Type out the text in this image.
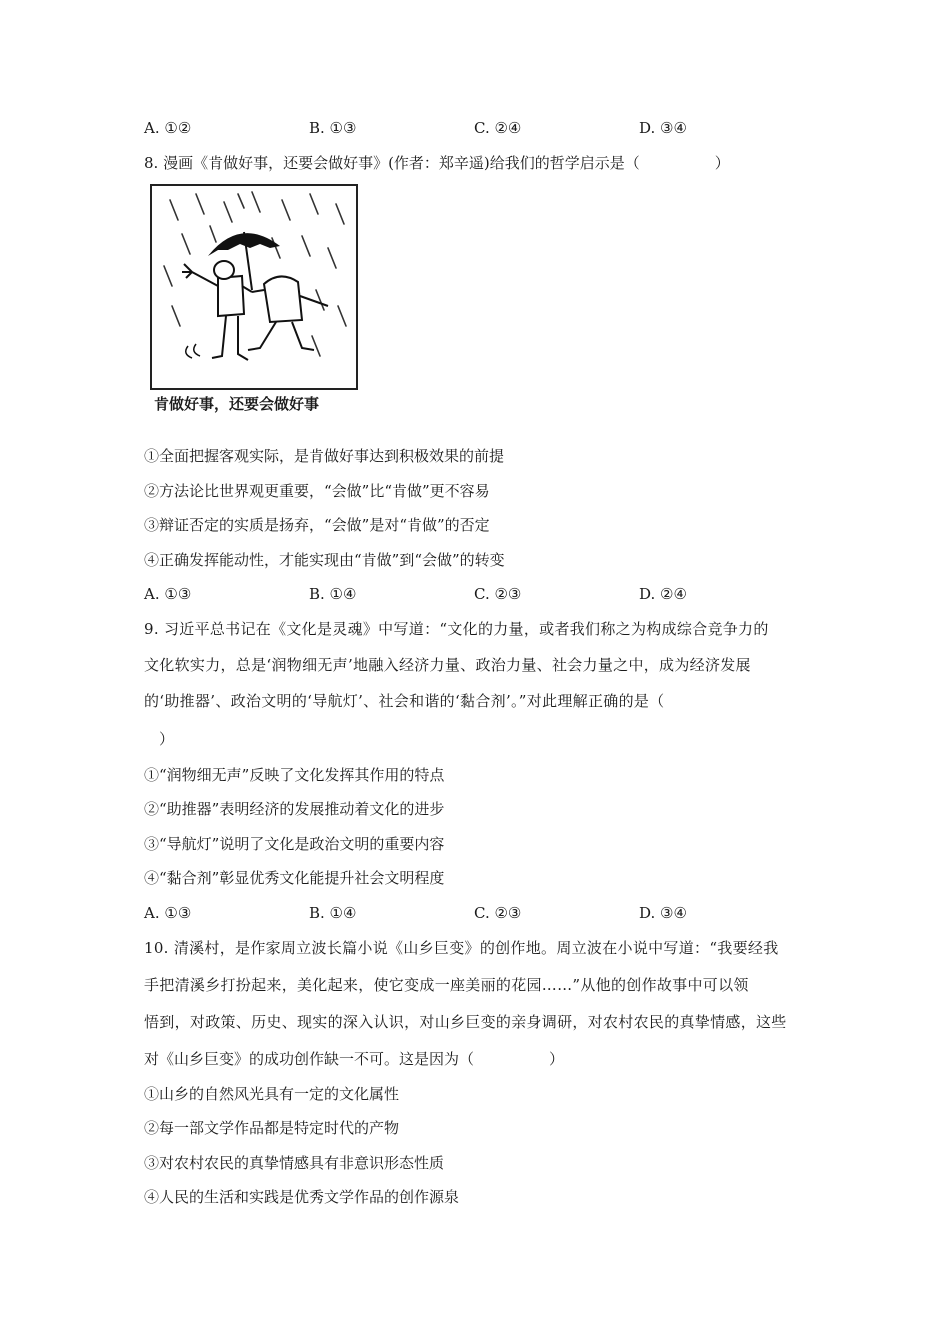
A. ①②	B. ①③	C. ②④	D. ③④
8. 漫画《肯做好事，还要会做好事》(作者：郑辛遥)给我们的哲学启示是（　　　　　）
肯做好事，还要会做好事
①全面把握客观实际，是肯做好事达到积极效果的前提
②方法论比世界观更重要，“会做”比“肯做”更不容易
③辩证否定的实质是扬弃，“会做”是对“肯做”的否定
④正确发挥能动性，才能实现由“肯做”到“会做”的转变
A. ①③	B. ①④	C. ②③	D. ②④
9. 习近平总书记在《文化是灵魂》中写道：“文化的力量，或者我们称之为构成综合竞争力的
文化软实力，总是‘润物细无声’地融入经济力量、政治力量、社会力量之中，成为经济发展
的‘助推器’、政治文明的‘导航灯’、社会和谐的‘黏合剂’。”对此理解正确的是（
　）
①“润物细无声”反映了文化发挥其作用的特点
②“助推器”表明经济的发展推动着文化的进步
③“导航灯”说明了文化是政治文明的重要内容
④“黏合剂”彰显优秀文化能提升社会文明程度
A. ①③	B. ①④	C. ②③	D. ③④
10. 清溪村，是作家周立波长篇小说《山乡巨变》的创作地。周立波在小说中写道：“我要经我
手把清溪乡打扮起来，美化起来，使它变成一座美丽的花园……”从他的创作故事中可以领
悟到，对政策、历史、现实的深入认识，对山乡巨变的亲身调研，对农村农民的真挚情感，这些
对《山乡巨变》的成功创作缺一不可。这是因为（　　　　　）
①山乡的自然风光具有一定的文化属性
②每一部文学作品都是特定时代的产物
③对农村农民的真挚情感具有非意识形态性质
④人民的生活和实践是优秀文学作品的创作源泉
